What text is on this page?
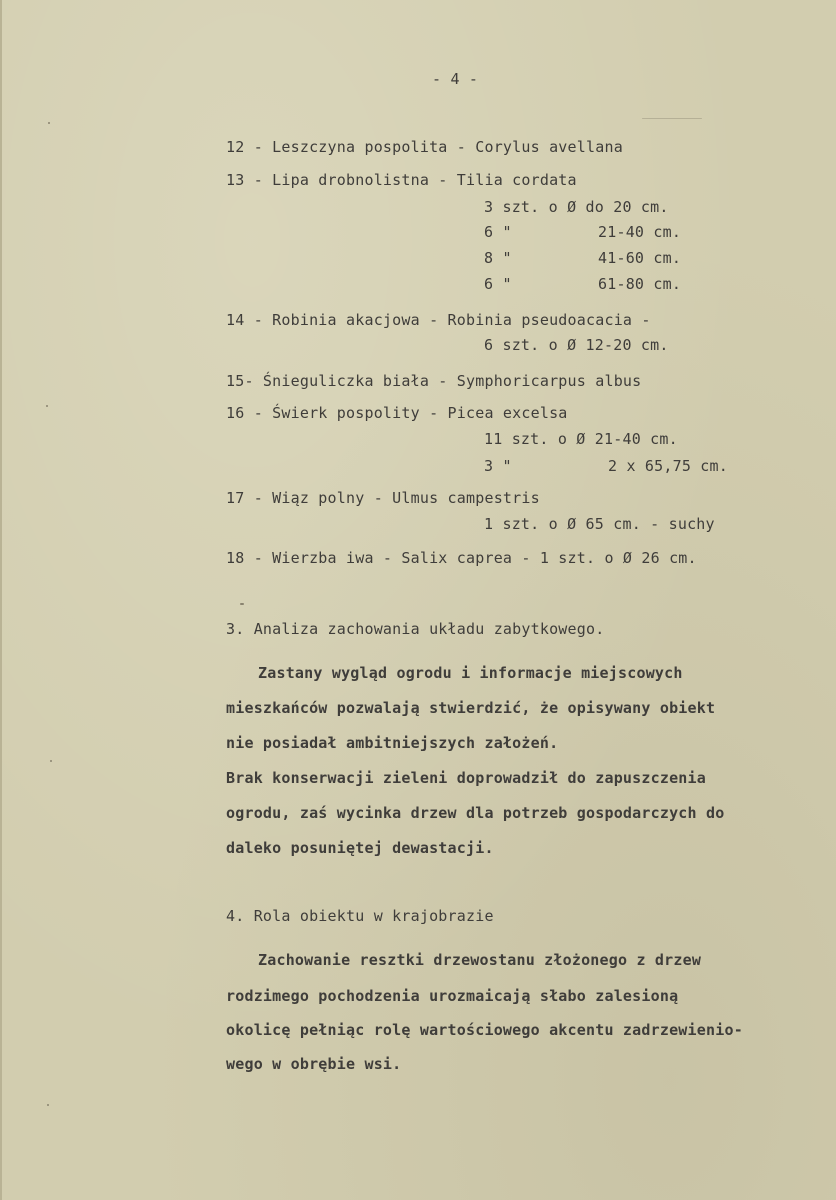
- 4 -
12 - Leszczyna pospolita - Corylus avellana
13 - Lipa drobnolistna - Tilia cordata
3 szt. o Ø do 20 cm.
6 "	21-40 cm.
8 "	41-60 cm.
6 "	61-80 cm.
14 - Robinia akacjowa - Robinia pseudoacacia -
6 szt. o Ø 12-20 cm.
15- Śnieguliczka biała - Symphoricarpus albus
16 - Świerk pospolity - Picea excelsa
11 szt. o Ø 21-40 cm.
3 "	2 x 65,75 cm.
17 - Wiąz polny - Ulmus campestris
1 szt. o Ø 65 cm. - suchy
18 - Wierzba iwa - Salix caprea - 1 szt. o Ø 26 cm.
3. Analiza zachowania układu zabytkowego.
Zastany wygląd ogrodu i informacje miejscowych
mieszkańców pozwalają stwierdzić, że opisywany obiekt
nie posiadał ambitniejszych założeń.
Brak konserwacji zieleni doprowadził do zapuszczenia
ogrodu, zaś wycinka drzew dla potrzeb gospodarczych do
daleko posuniętej dewastacji.
4. Rola obiektu w krajobrazie
Zachowanie resztki drzewostanu złożonego z drzew
rodzimego pochodzenia urozmaicają słabo zalesioną
okolicę pełniąc rolę wartościowego akcentu zadrzewienio-
wego w obrębie wsi.
